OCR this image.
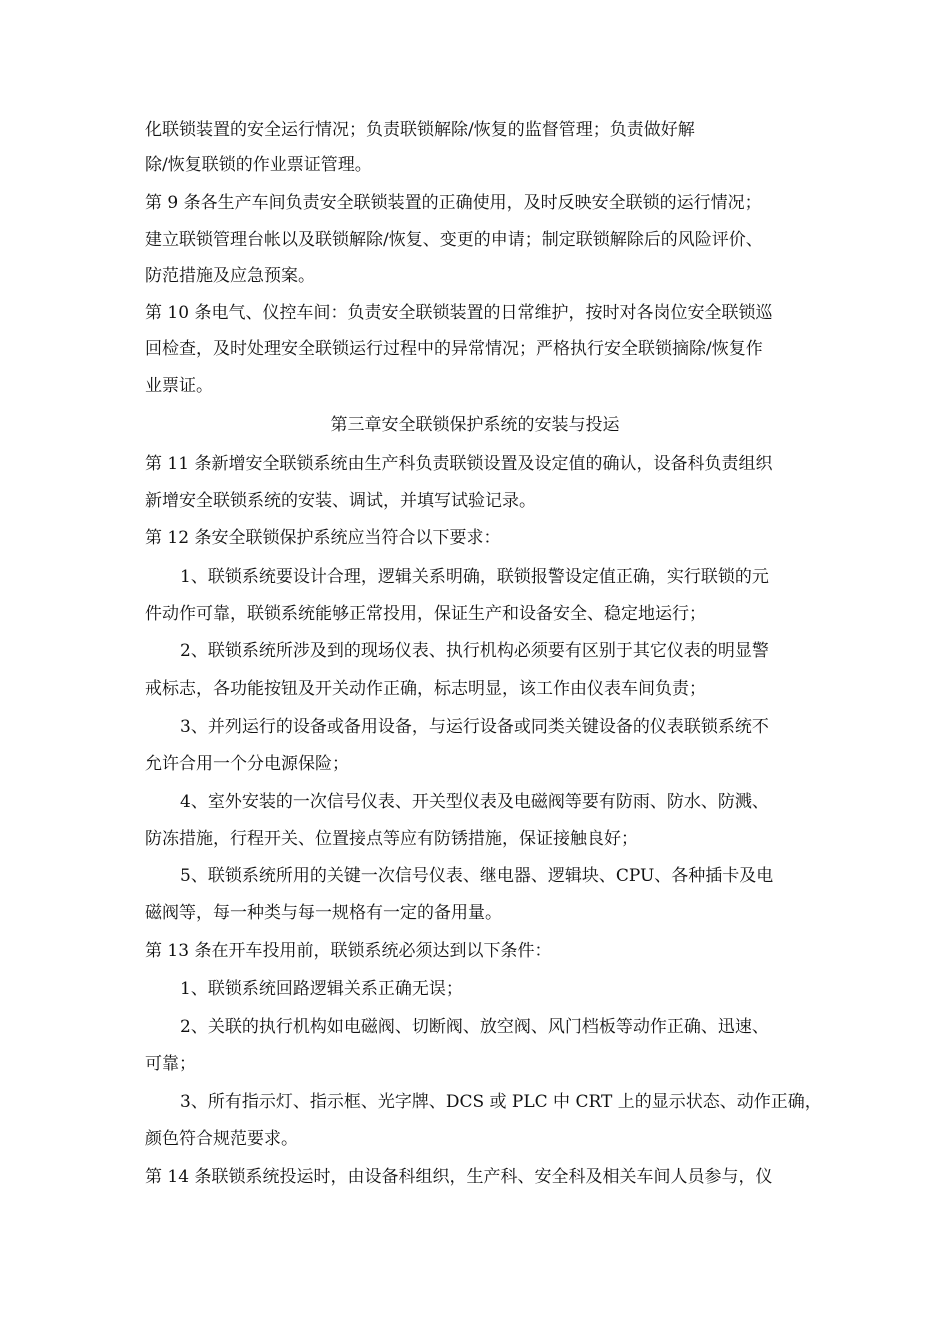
化联锁装置的安全运行情况；负责联锁解除/恢复的监督管理；负责做好解
除/恢复联锁的作业票证管理。
第 9 条各生产车间负责安全联锁装置的正确使用，及时反映安全联锁的运行情况；
建立联锁管理台帐以及联锁解除/恢复、变更的申请；制定联锁解除后的风险评价、
防范措施及应急预案。
第 10 条电气、仪控车间：负责安全联锁装置的日常维护，按时对各岗位安全联锁巡
回检查，及时处理安全联锁运行过程中的异常情况；严格执行安全联锁摘除/恢复作
业票证。
第三章安全联锁保护系统的安装与投运
第 11 条新增安全联锁系统由生产科负责联锁设置及设定值的确认，设备科负责组织
新增安全联锁系统的安装、调试，并填写试验记录。
第 12 条安全联锁保护系统应当符合以下要求：
1、联锁系统要设计合理，逻辑关系明确，联锁报警设定值正确，实行联锁的元
件动作可靠，联锁系统能够正常投用，保证生产和设备安全、稳定地运行；
2、联锁系统所涉及到的现场仪表、执行机构必须要有区别于其它仪表的明显警
戒标志，各功能按钮及开关动作正确，标志明显，该工作由仪表车间负责；
3、并列运行的设备或备用设备，与运行设备或同类关键设备的仪表联锁系统不
允许合用一个分电源保险；
4、室外安装的一次信号仪表、开关型仪表及电磁阀等要有防雨、防水、防溅、
防冻措施，行程开关、位置接点等应有防锈措施，保证接触良好；
5、联锁系统所用的关键一次信号仪表、继电器、逻辑块、CPU、各种插卡及电
磁阀等，每一种类与每一规格有一定的备用量。
第 13 条在开车投用前，联锁系统必须达到以下条件：
1、联锁系统回路逻辑关系正确无误；
2、关联的执行机构如电磁阀、切断阀、放空阀、风门档板等动作正确、迅速、
可靠；
3、所有指示灯、指示框、光字牌、DCS 或 PLC 中 CRT 上的显示状态、动作正确，
颜色符合规范要求。
第 14 条联锁系统投运时，由设备科组织，生产科、安全科及相关车间人员参与，仪
